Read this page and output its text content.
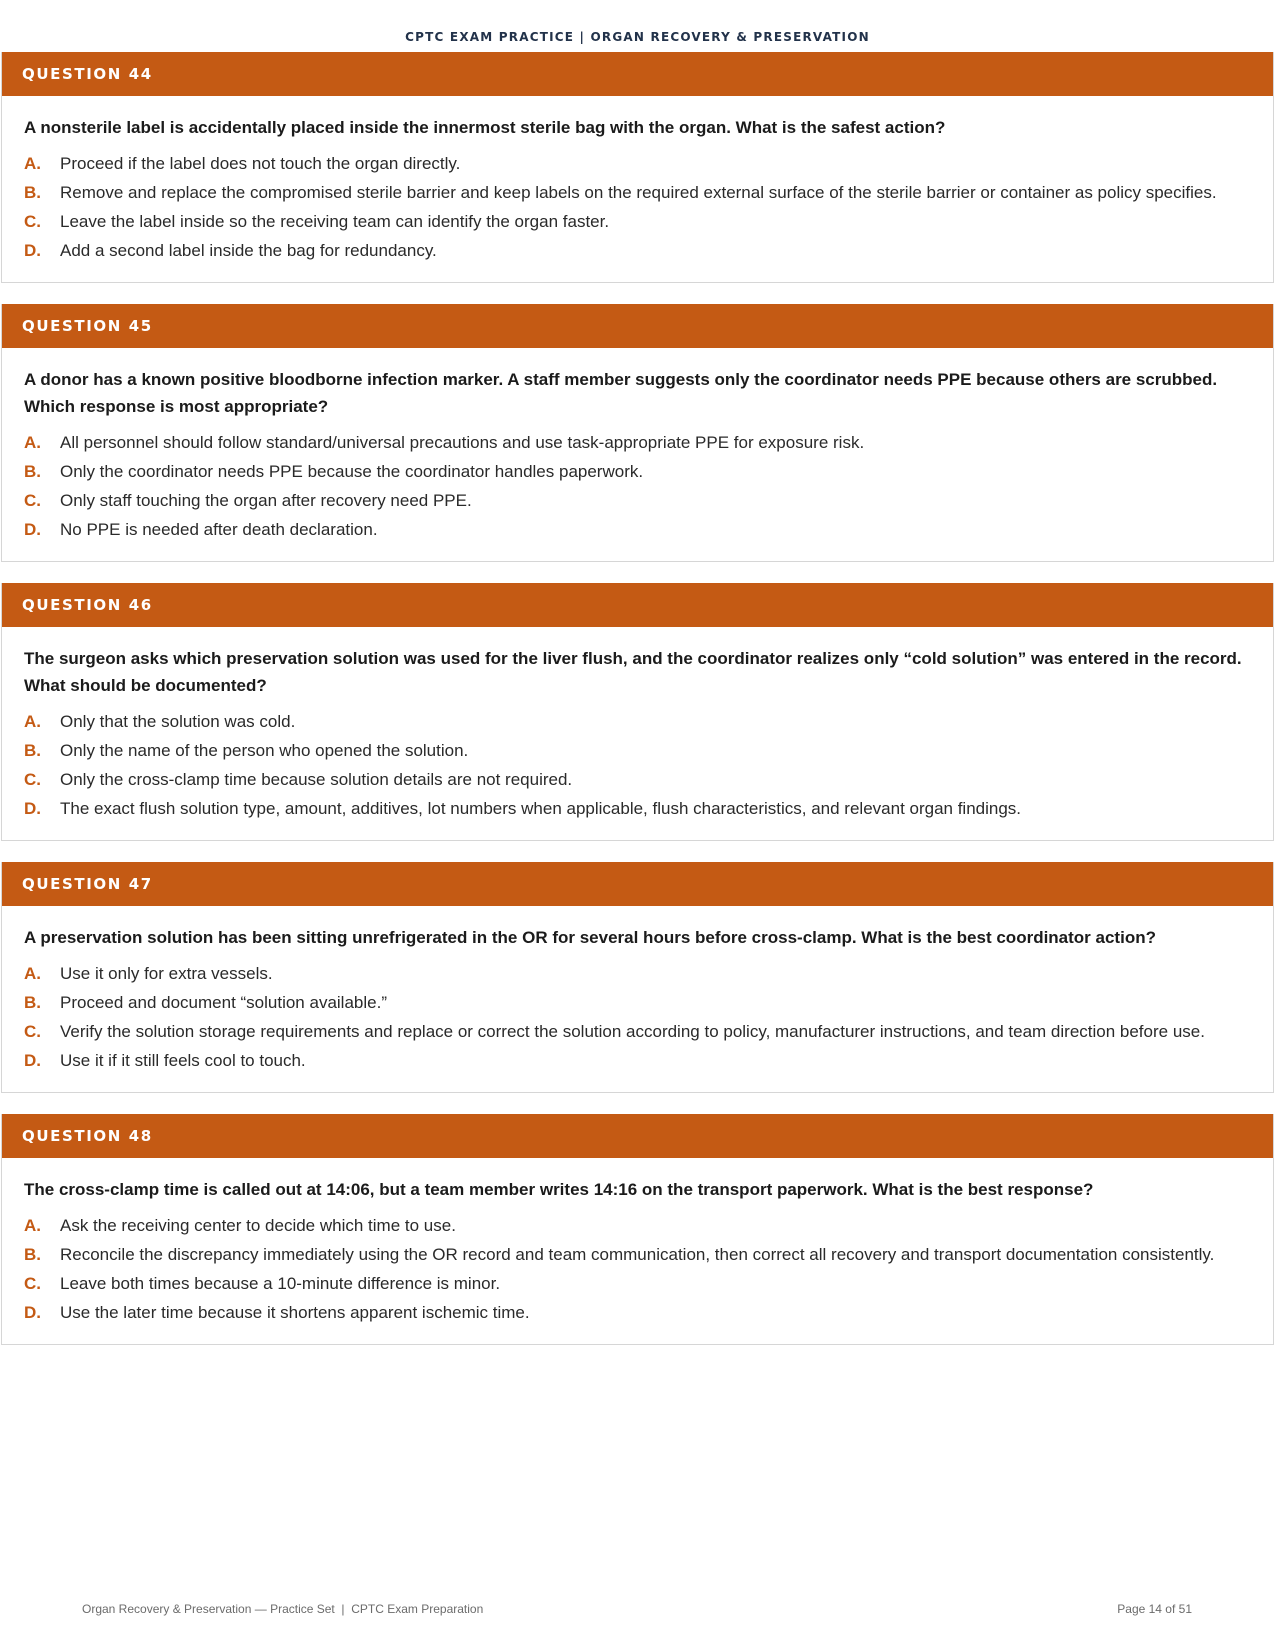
CPTC EXAM PRACTICE | ORGAN RECOVERY & PRESERVATION
QUESTION 44

A nonsterile label is accidentally placed inside the innermost sterile bag with the organ. What is the safest action?

A.	Proceed if the label does not touch the organ directly.
B.	Remove and replace the compromised sterile barrier and keep labels on the required external surface of the sterile barrier or container as policy specifies.
C.	Leave the label inside so the receiving team can identify the organ faster.
D.	Add a second label inside the bag for redundancy.
QUESTION 45

A donor has a known positive bloodborne infection marker. A staff member suggests only the coordinator needs PPE because others are scrubbed. Which response is most appropriate?

A.	All personnel should follow standard/universal precautions and use task-appropriate PPE for exposure risk.
B.	Only the coordinator needs PPE because the coordinator handles paperwork.
C.	Only staff touching the organ after recovery need PPE.
D.	No PPE is needed after death declaration.
QUESTION 46

The surgeon asks which preservation solution was used for the liver flush, and the coordinator realizes only “cold solution” was entered in the record. What should be documented?

A.	Only that the solution was cold.
B.	Only the name of the person who opened the solution.
C.	Only the cross-clamp time because solution details are not required.
D.	The exact flush solution type, amount, additives, lot numbers when applicable, flush characteristics, and relevant organ findings.
QUESTION 47

A preservation solution has been sitting unrefrigerated in the OR for several hours before cross-clamp. What is the best coordinator action?

A.	Use it only for extra vessels.
B.	Proceed and document “solution available.”
C.	Verify the solution storage requirements and replace or correct the solution according to policy, manufacturer instructions, and team direction before use.
D.	Use it if it still feels cool to touch.
QUESTION 48

The cross-clamp time is called out at 14:06, but a team member writes 14:16 on the transport paperwork. What is the best response?

A.	Ask the receiving center to decide which time to use.
B.	Reconcile the discrepancy immediately using the OR record and team communication, then correct all recovery and transport documentation consistently.
C.	Leave both times because a 10-minute difference is minor.
D.	Use the later time because it shortens apparent ischemic time.
Organ Recovery & Preservation — Practice Set  |  CPTC Exam Preparation	Page 14 of 51
